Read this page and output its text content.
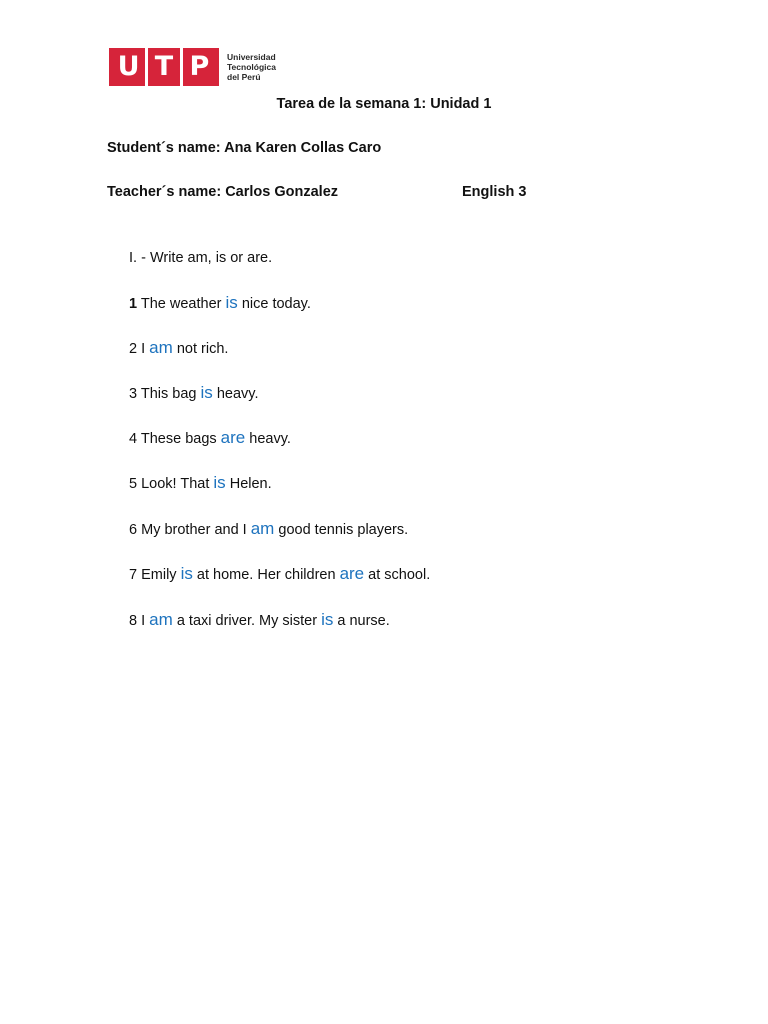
U T P	Universidad
Tecnológica
del Perú
Tarea de la semana 1: Unidad 1
Student´s name: Ana Karen Collas Caro
Teacher´s name: Carlos Gonzalez	English 3
I. - Write am, is or are.
1 The weather is nice today.
2 I am not rich.
3 This bag is heavy.
4 These bags are heavy.
5 Look! That is Helen.
6 My brother and I am good tennis players.
7 Emily is at home. Her children are at school.
8 I am a taxi driver. My sister is a nurse.
